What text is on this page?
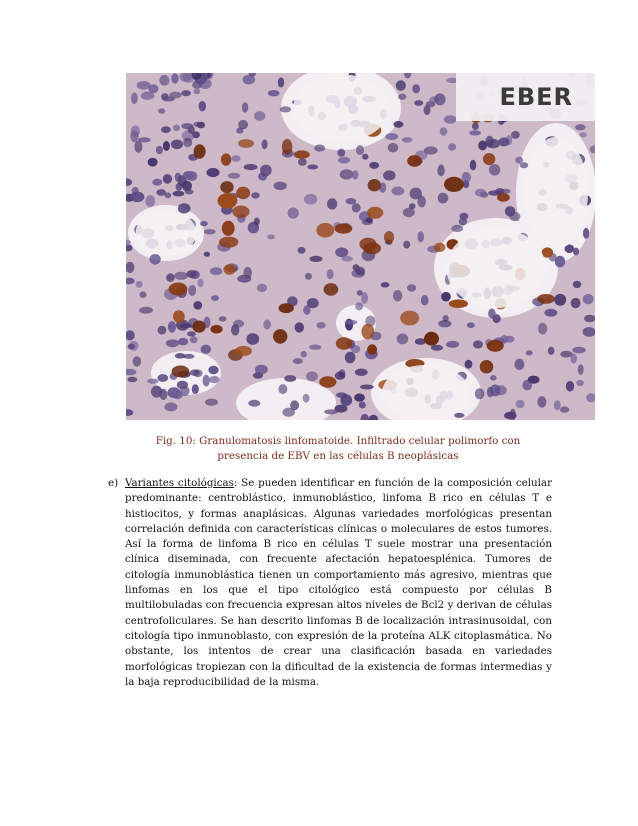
EBER
Fig. 10: Granulomatosis linfomatoide. Infiltrado celular polimorfo con
presencia de EBV en las células B neoplásicas
e) Variantes citológicas: Se pueden identificar en función de la composición celular predominante: centroblástico, inmunoblástico, linfoma B rico en células T e histiocitos, y formas anaplásicas. Algunas variedades morfológicas presentan correlación definida con características clínicas o moleculares de estos tumores. Así la forma de linfoma B rico en células T suele mostrar una presentación clínica diseminada, con frecuente afectación hepatoesplénica. Tumores de citología inmunoblástica tienen un comportamiento más agresivo, mientras que linfomas en los que el tipo citológico está compuesto por células B multilobuladas con frecuencia expresan altos niveles de Bcl2 y derivan de células centrofoliculares. Se han descrito linfomas B de localización intrasinusoidal, con citología tipo inmunoblasto, con expresión de la proteína ALK citoplasmática. No obstante, los intentos de crear una clasificación basada en variedades morfológicas tropiezan con la dificultad de la existencia de formas intermedias y la baja reproducibilidad de la misma.
